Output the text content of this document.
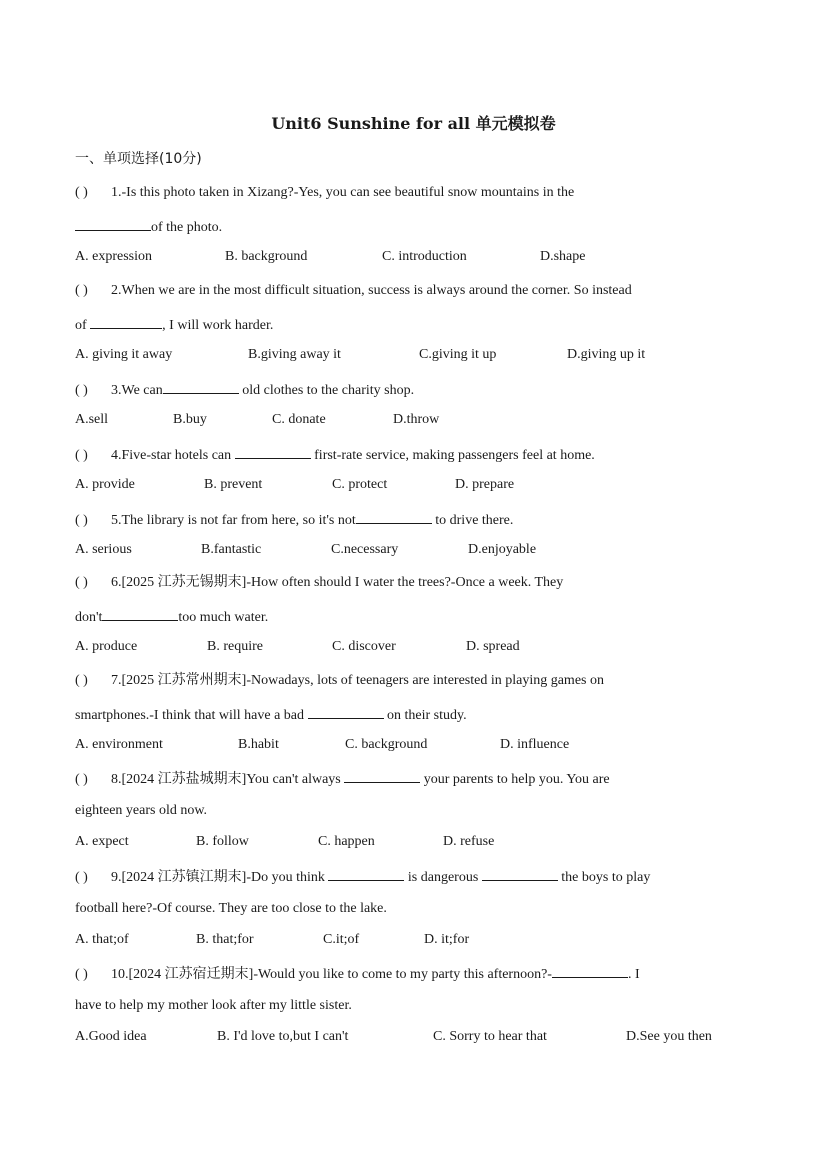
Unit6 Sunshine for all 单元模拟卷
一、单项选择(10分)
( ) 1.-Is this photo taken in Xizang?-Yes, you can see beautiful snow mountains in the
of the photo.
A. expression	B. background	C. introduction	D.shape
( ) 2.When we are in the most difficult situation, success is always around the corner. So instead
of	, I will work harder.
A. giving it away	B.giving away it	C.giving it up	D.giving up it
( ) 3.We can	old clothes to the charity shop.
A.sell	B.buy	C. donate	D.throw
( ) 4.Five-star hotels can	first-rate service, making passengers feel at home.
A. provide	B. prevent	C. protect	D. prepare
( ) 5.The library is not far from here, so it's not	to drive there.
A. serious	B.fantastic	C.necessary	D.enjoyable
( ) 6.[2025 江苏无锡期末]-How often should I water the trees?-Once a week. They
don't	too much water.
A. produce	B. require	C. discover	D. spread
( ) 7.[2025 江苏常州期末]-Nowadays, lots of teenagers are interested in playing games on
smartphones.-I think that will have a bad	on their study.
A. environment	B.habit	C. background	D. influence
( ) 8.[2024 江苏盐城期末]You can't always	your parents to help you. You are
eighteen years old now.
A. expect	B. follow	C. happen	D. refuse
( ) 9.[2024 江苏镇江期末]-Do you think	is dangerous	the boys to play
football here?-Of course. They are too close to the lake.
A. that;of	B. that;for	C.it;of	D. it;for
( ) 10.[2024 江苏宿迁期末]-Would you like to come to my party this afternoon?-	. I
have to help my mother look after my little sister.
A.Good idea	B. I'd love to,but I can't	C. Sorry to hear that	D.See you then
